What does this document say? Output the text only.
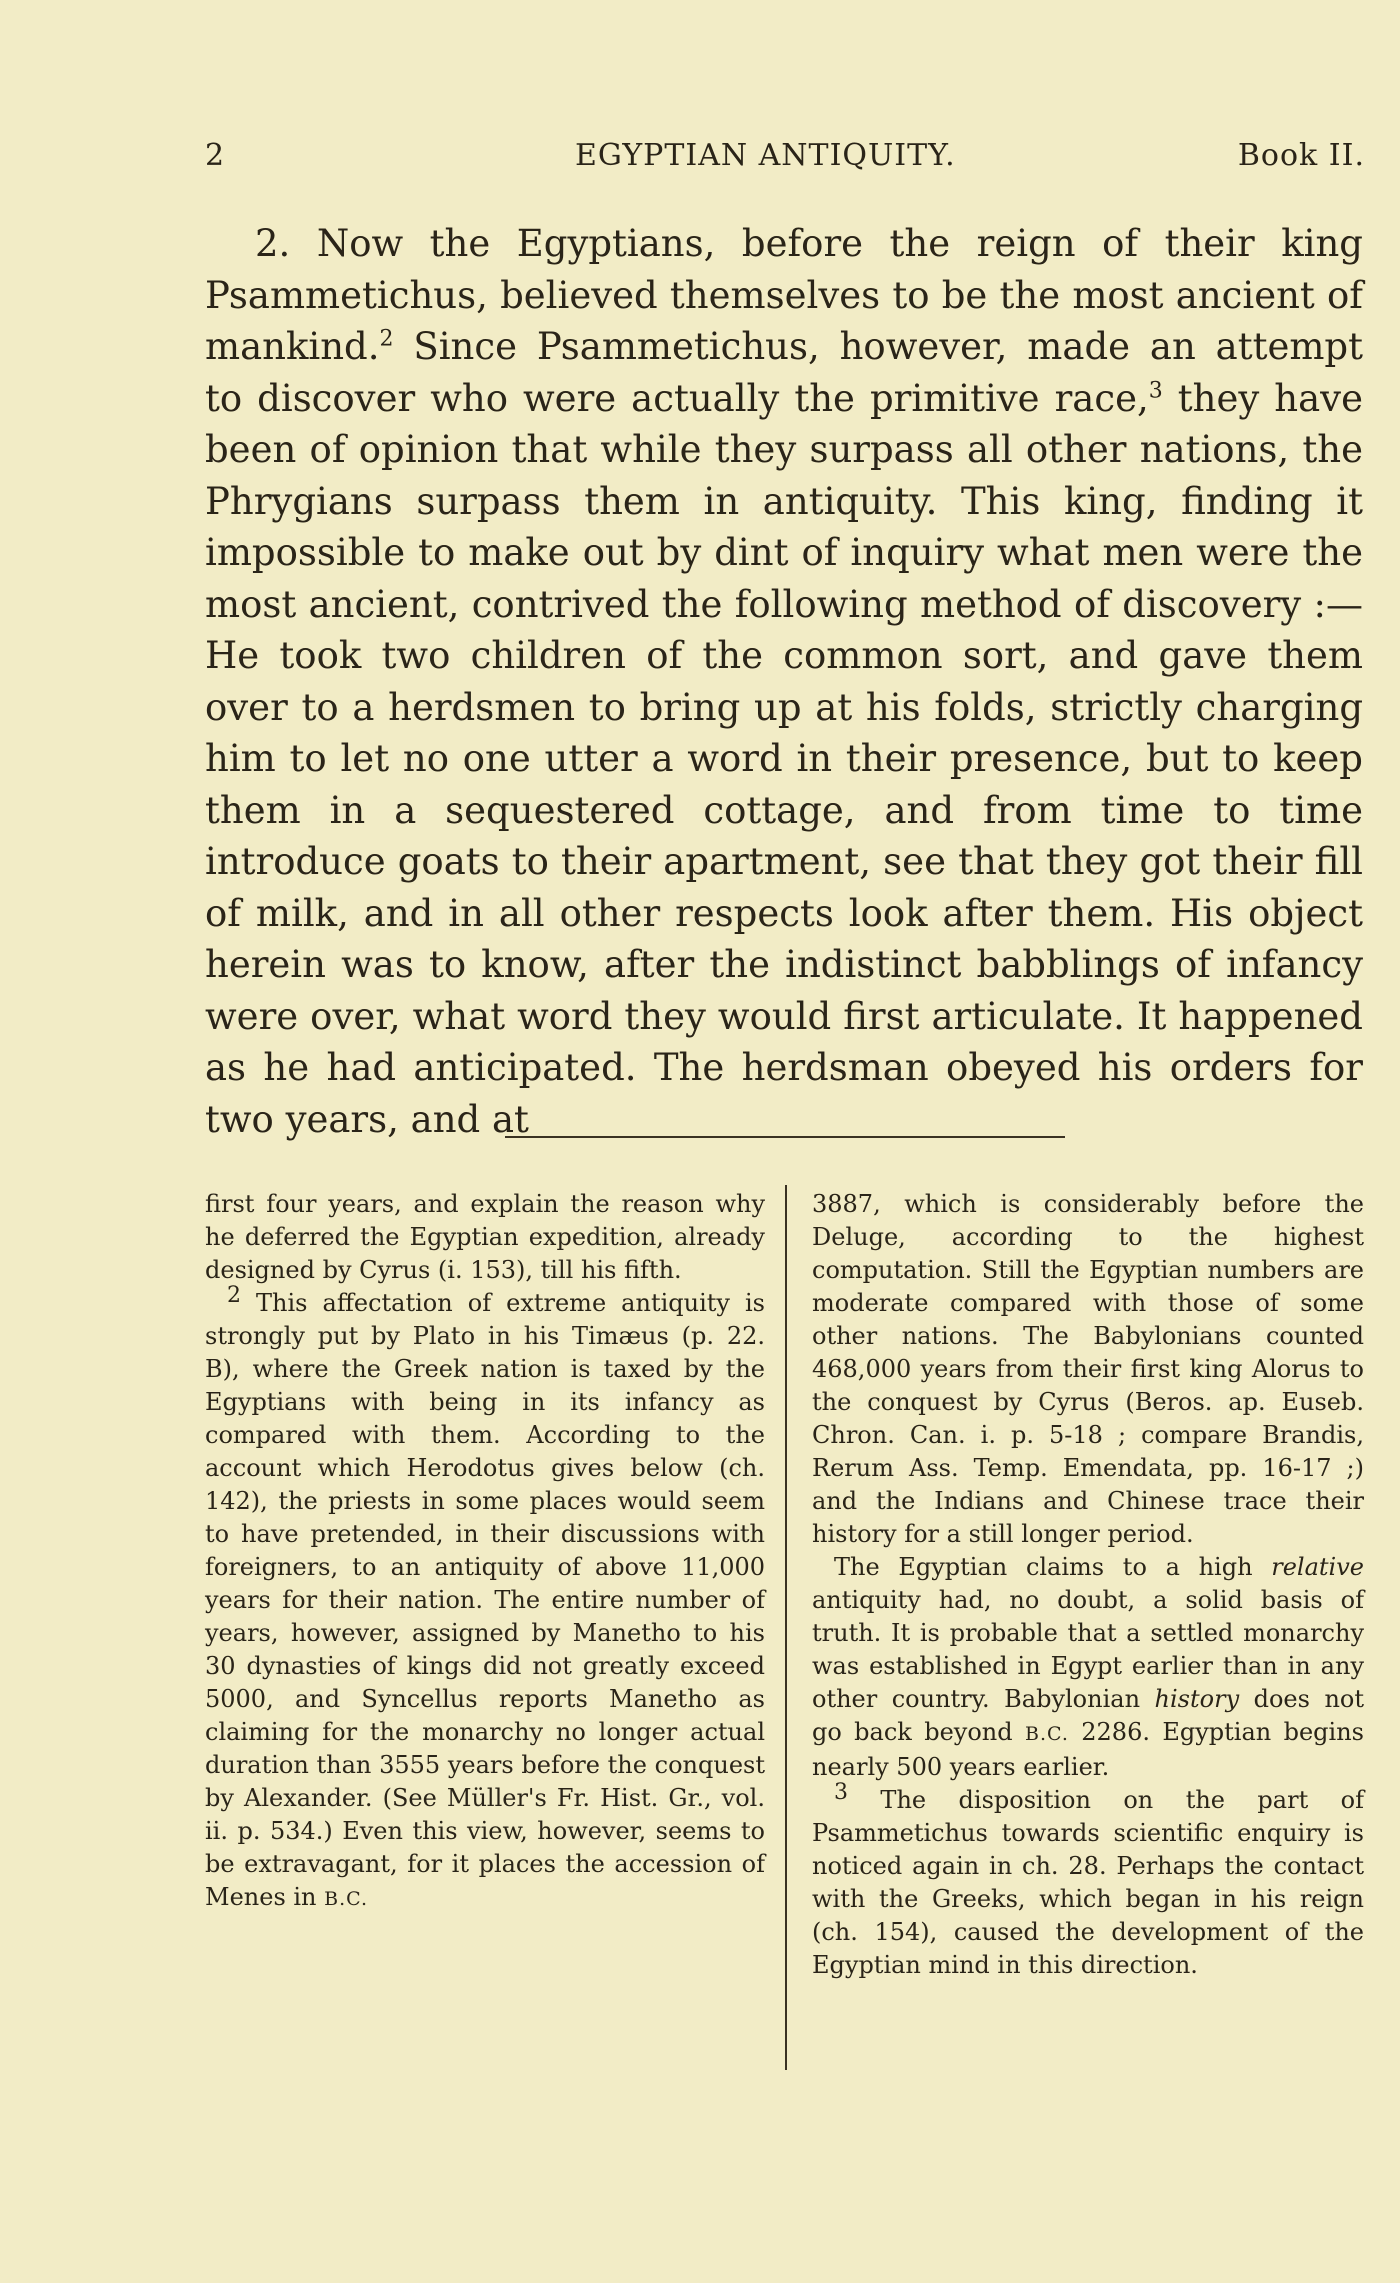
2	EGYPTIAN ANTIQUITY.	Book II.

2. Now the Egyptians, before the reign of their king Psammetichus, believed themselves to be the most ancient of mankind.$^2$ Since Psammetichus, however, made an attempt to discover who were actually the primitive race,$^3$ they have been of opinion that while they surpass all other nations, the Phrygians surpass them in antiquity. This king, finding it impossible to make out by dint of inquiry what men were the most ancient, contrived the following method of discovery :— He took two children of the common sort, and gave them over to a herdsmen to bring up at his folds, strictly charging him to let no one utter a word in their presence, but to keep them in a sequestered cottage, and from time to time introduce goats to their apartment, see that they got their fill of milk, and in all other respects look after them. His object herein was to know, after the indistinct babblings of infancy were over, what word they would first articulate. It happened as he had anticipated. The herdsman obeyed his orders for two years, and at

first four years, and explain the reason why he deferred the Egyptian expedition, already designed by Cyrus (i. 153), till his fifth.

$^2$ This affectation of extreme antiquity is strongly put by Plato in his Timæus (p. 22. B), where the Greek nation is taxed by the Egyptians with being in its infancy as compared with them. According to the account which Herodotus gives below (ch. 142), the priests in some places would seem to have pretended, in their discussions with foreigners, to an antiquity of above 11,000 years for their nation. The entire number of years, however, assigned by Manetho to his 30 dynasties of kings did not greatly exceed 5000, and Syncellus reports Manetho as claiming for the monarchy no longer actual duration than 3555 years before the conquest by Alexander. (See Müller's Fr. Hist. Gr., vol. ii. p. 534.) Even this view, however, seems to be extravagant, for it places the accession of Menes in B.C.

3887, which is considerably before the Deluge, according to the highest computation. Still the Egyptian numbers are moderate compared with those of some other nations. The Babylonians counted 468,000 years from their first king Alorus to the conquest by Cyrus (Beros. ap. Euseb. Chron. Can. i. p. 5-18 ; compare Brandis, Rerum Ass. Temp. Emendata, pp. 16-17 ;) and the Indians and Chinese trace their history for a still longer period.

The Egyptian claims to a high relative antiquity had, no doubt, a solid basis of truth. It is probable that a settled monarchy was established in Egypt earlier than in any other country. Babylonian history does not go back beyond B.C. 2286. Egyptian begins nearly 500 years earlier.

$^3$ The disposition on the part of Psammetichus towards scientific enquiry is noticed again in ch. 28. Perhaps the contact with the Greeks, which began in his reign (ch. 154), caused the development of the Egyptian mind in this direction.
